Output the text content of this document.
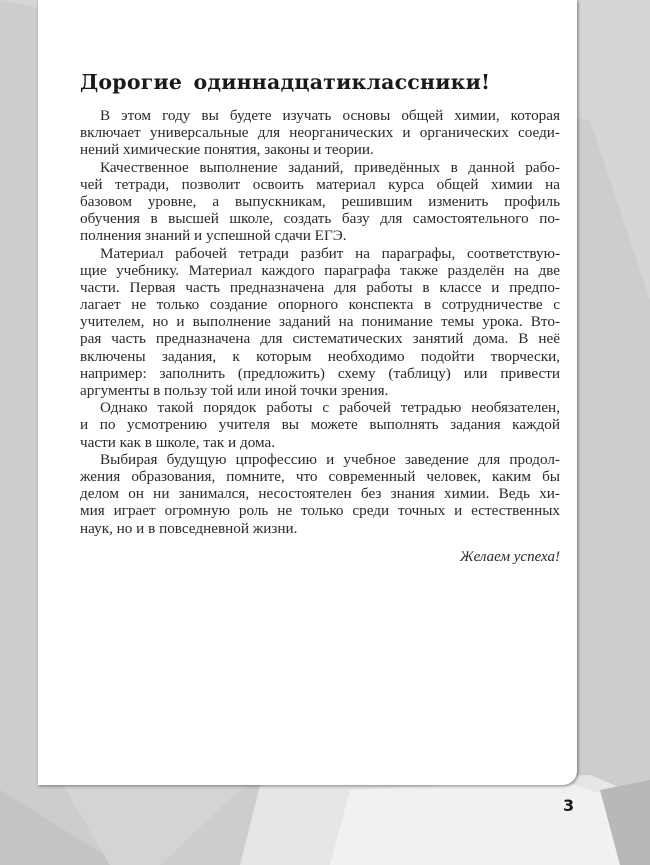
Дорогие одиннадцатиклассники!
В этом году вы будете изучать основы общей химии, которая
включает универсальные для неорганических и органических соеди-
нений химические понятия, законы и теории.
Качественное выполнение заданий, приведённых в данной рабо-
чей тетради, позволит освоить материал курса общей химии на
базовом уровне, а выпускникам, решившим изменить профиль
обучения в высшей школе, создать базу для самостоятельного по-
полнения знаний и успешной сдачи ЕГЭ.
Материал рабочей тетради разбит на параграфы, соответствую-
щие учебнику. Материал каждого параграфа также разделён на две
части. Первая часть предназначена для работы в классе и предпо-
лагает не только создание опорного конспекта в сотрудничестве с
учителем, но и выполнение заданий на понимание темы урока. Вто-
рая часть предназначена для систематических занятий дома. В неё
включены задания, к которым необходимо подойти творчески,
например: заполнить (предложить) схему (таблицу) или привести
аргументы в пользу той или иной точки зрения.
Однако такой порядок работы с рабочей тетрадью необязателен,
и по усмотрению учителя вы можете выполнять задания каждой
части как в школе, так и дома.
Выбирая будущую цпрофессию и учебное заведение для продол-
жения образования, помните, что современный человек, каким бы
делом он ни занимался, несостоятелен без знания химии. Ведь хи-
мия играет огромную роль не только среди точных и естественных
наук, но и в повседневной жизни.
Желаем успеха!
3
